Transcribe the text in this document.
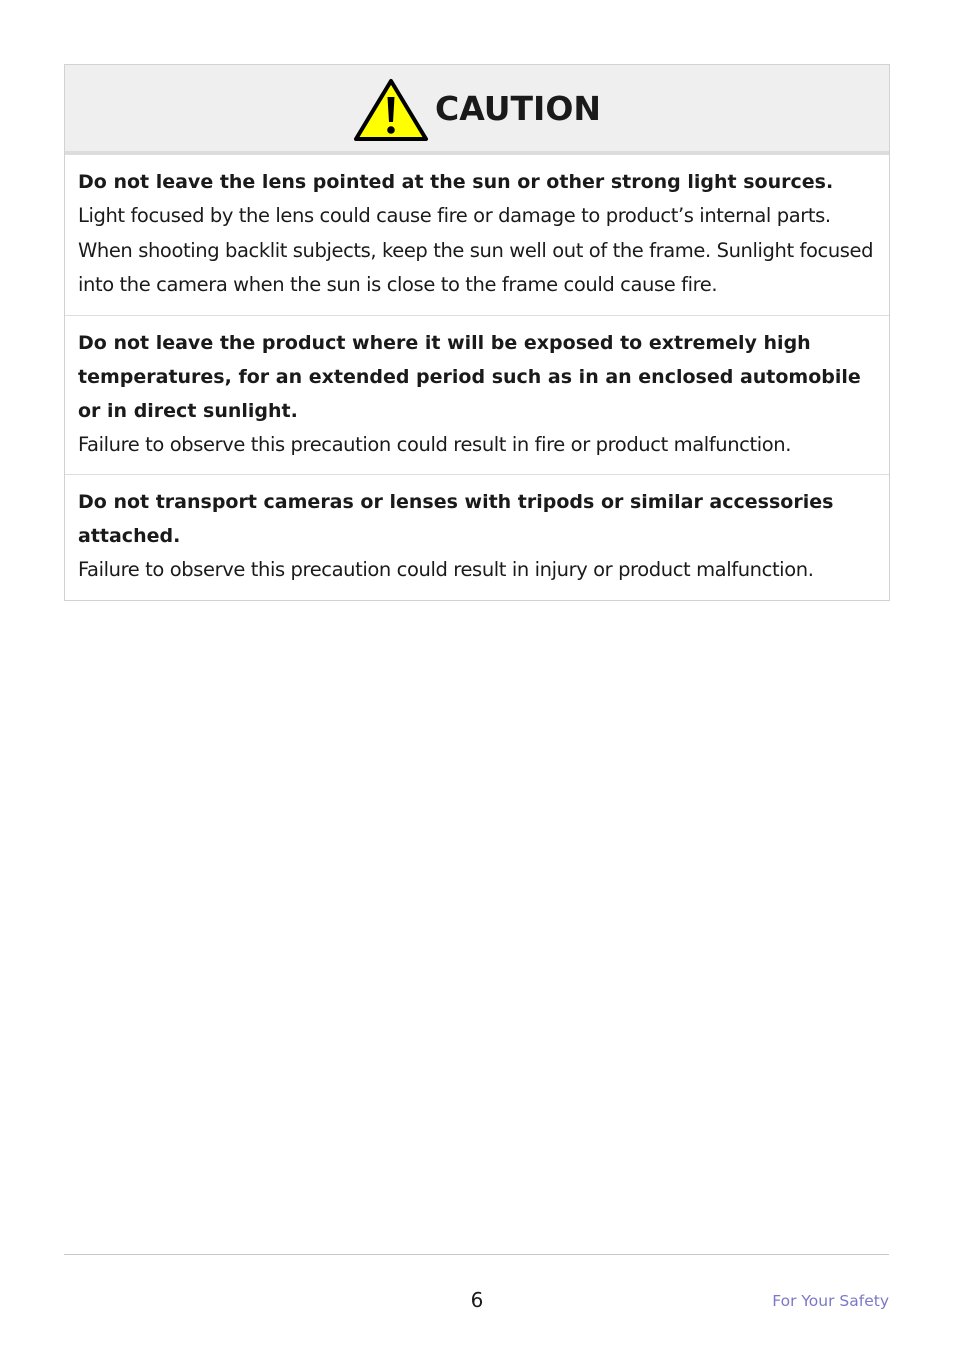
CAUTION

Do not leave the lens pointed at the sun or other strong light sources.

Light focused by the lens could cause fire or damage to product’s internal parts. When shooting backlit subjects, keep the sun well out of the frame. Sunlight focused into the camera when the sun is close to the frame could cause fire.

Do not leave the product where it will be exposed to extremely high temperatures, for an extended period such as in an enclosed automobile or in direct sunlight.

Failure to observe this precaution could result in fire or product malfunction.

Do not transport cameras or lenses with tripods or similar accessories attached.

Failure to observe this precaution could result in injury or product malfunction.

6	For Your Safety
